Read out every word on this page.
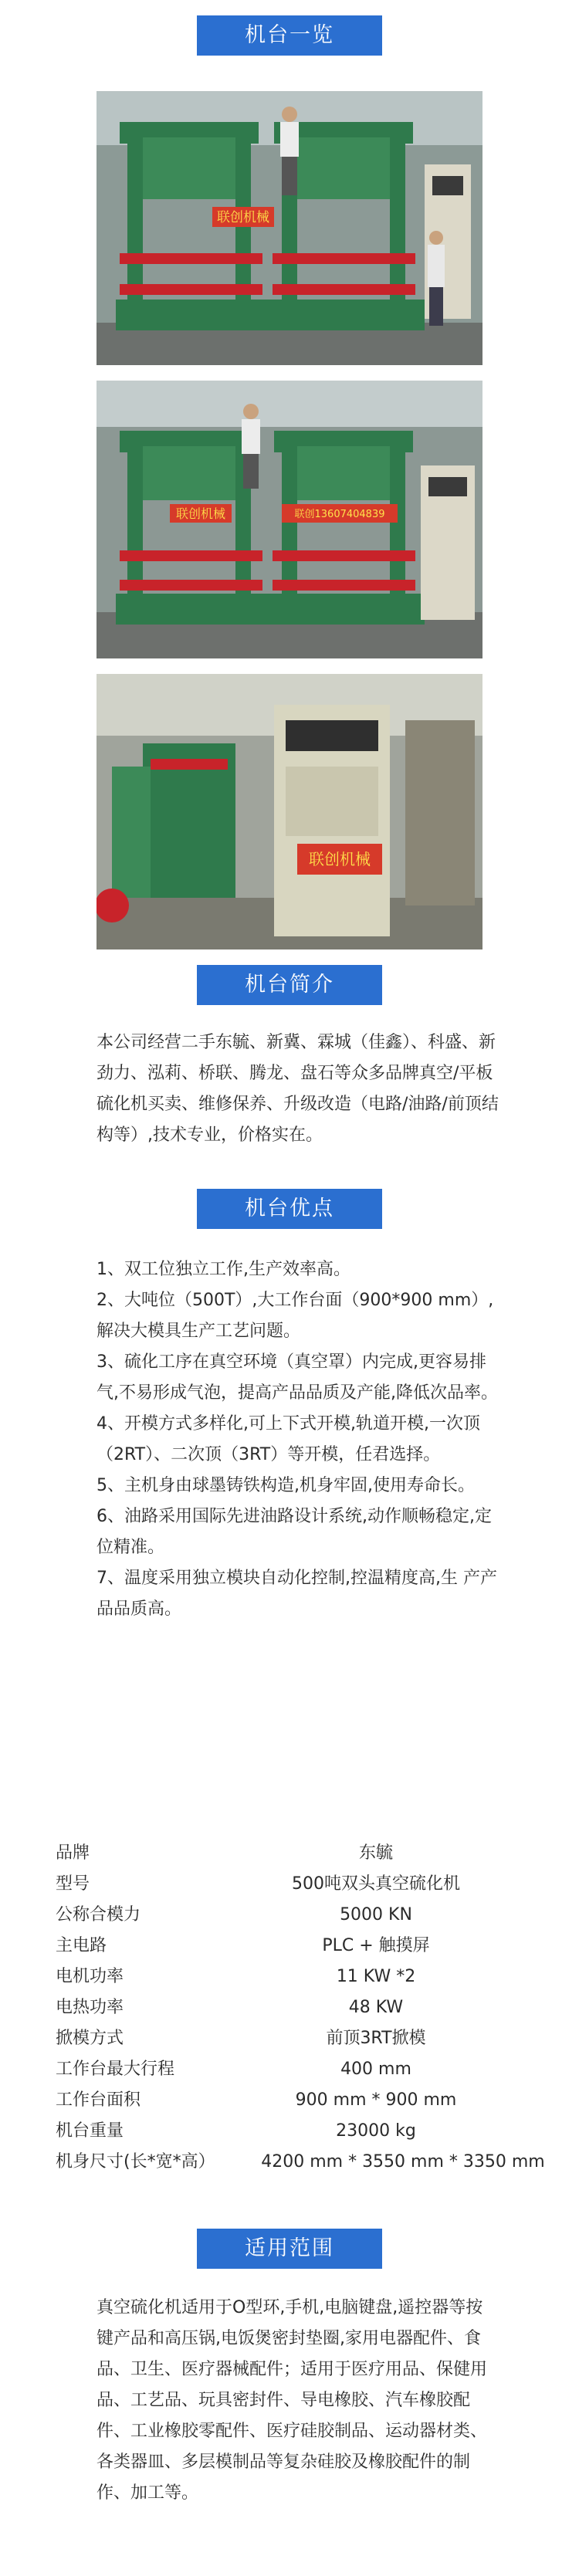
机台一览
联创机械
联创机械	联创13607404839
联创机械
机台简介
本公司经营二手东毓、新冀、霖城（佳鑫）、科盛、新劲力、泓莉、桥联、腾龙、盘石等众多品牌真空/平板硫化机买卖、维修保养、升级改造（电路/油路/前顶结构等）,技术专业，价格实在。
机台优点

1、双工位独立工作,生产效率高。

2、大吨位（500T）,大工作台面（900*900 mm）,解决大模具生产工艺问题。

3、硫化工序在真空环境（真空罩）内完成,更容易排气,不易形成气泡，提高产品品质及产能,降低次品率。

4、开模方式多样化,可上下式开模,轨道开模,一次顶（2RT）、二次顶（3RT）等开模，任君选择。

5、主机身由球墨铸铁构造,机身牢固,使用寿命长。

6、油路采用国际先进油路设计系统,动作顺畅稳定,定位精准。

7、温度采用独立模块自动化控制,控温精度高,生 产产品品质高。

品牌	东毓
型号	500吨双头真空硫化机
公称合模力	5000 KN
主电路	PLC + 触摸屏
电机功率	11 KW *2
电热功率	48 KW
掀模方式	前顶3RT掀模
工作台最大行程	400 mm
工作台面积	900 mm * 900 mm
机台重量	23000 kg
机身尺寸(长*宽*高）	4200 mm * 3550 mm * 3350 mm
适用范围
真空硫化机适用于O型环,手机,电脑键盘,遥控器等按键产品和高压锅,电饭煲密封垫圈,家用电器配件、食品、卫生、医疗器械配件；适用于医疗用品、保健用品、工艺品、玩具密封件、导电橡胶、汽车橡胶配件、工业橡胶零配件、医疗硅胶制品、运动器材类、各类器皿、多层模制品等复杂硅胶及橡胶配件的制作、加工等。
